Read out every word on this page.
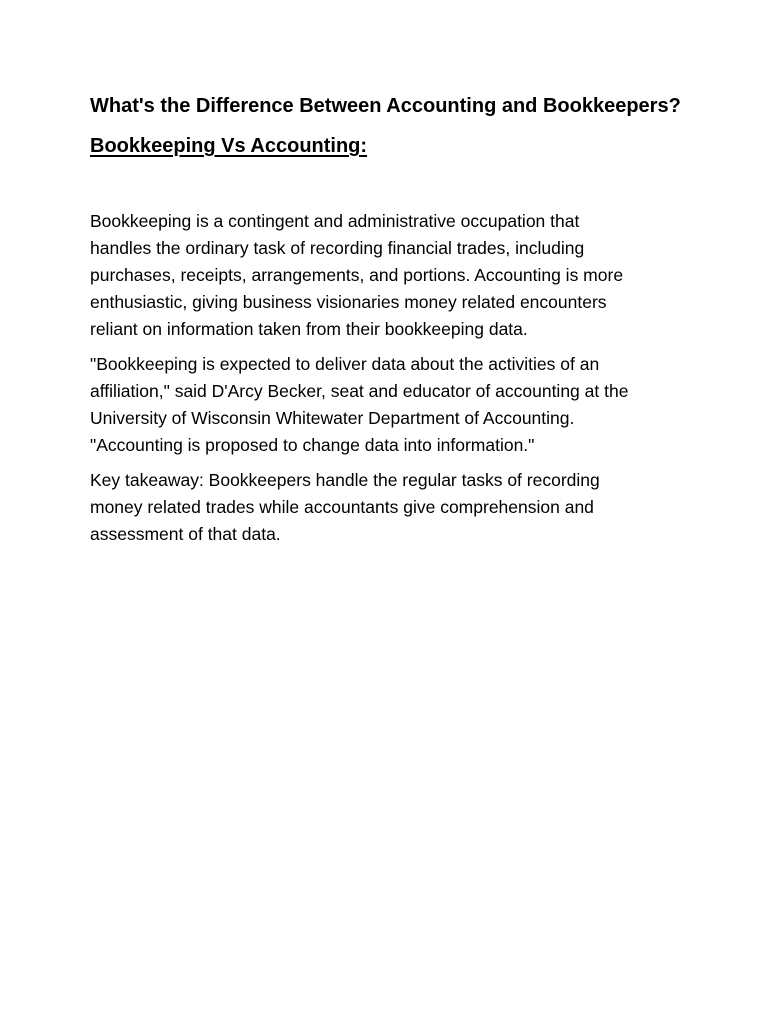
What's the Difference Between Accounting and Bookkeepers?
Bookkeeping Vs Accounting:

Bookkeeping is a contingent and administrative occupation that
handles the ordinary task of recording financial trades, including
purchases, receipts, arrangements, and portions. Accounting is more
enthusiastic, giving business visionaries money related encounters
reliant on information taken from their bookkeeping data.

"Bookkeeping is expected to deliver data about the activities of an
affiliation," said D'Arcy Becker, seat and educator of accounting at the
University of Wisconsin Whitewater Department of Accounting.
"Accounting is proposed to change data into information."

Key takeaway: Bookkeepers handle the regular tasks of recording
money related trades while accountants give comprehension and
assessment of that data.
